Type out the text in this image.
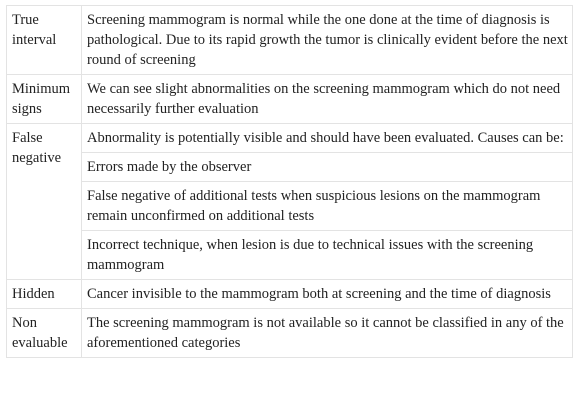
True interval	Screening mammogram is normal while the one done at the time of diagnosis is pathological. Due to its rapid growth the tumor is clinically evident before the next round of screening
Minimum signs	We can see slight abnormalities on the screening mammogram which do not need necessarily further evaluation
False negative	Abnormality is potentially visible and should have been evaluated. Causes can be:
	Errors made by the observer
	False negative of additional tests when suspicious lesions on the mammogram remain unconfirmed on additional tests
	Incorrect technique, when lesion is due to technical issues with the screening mammogram
Hidden	Cancer invisible to the mammogram both at screening and the time of diagnosis
Non evaluable	The screening mammogram is not available so it cannot be classified in any of the aforementioned categories
